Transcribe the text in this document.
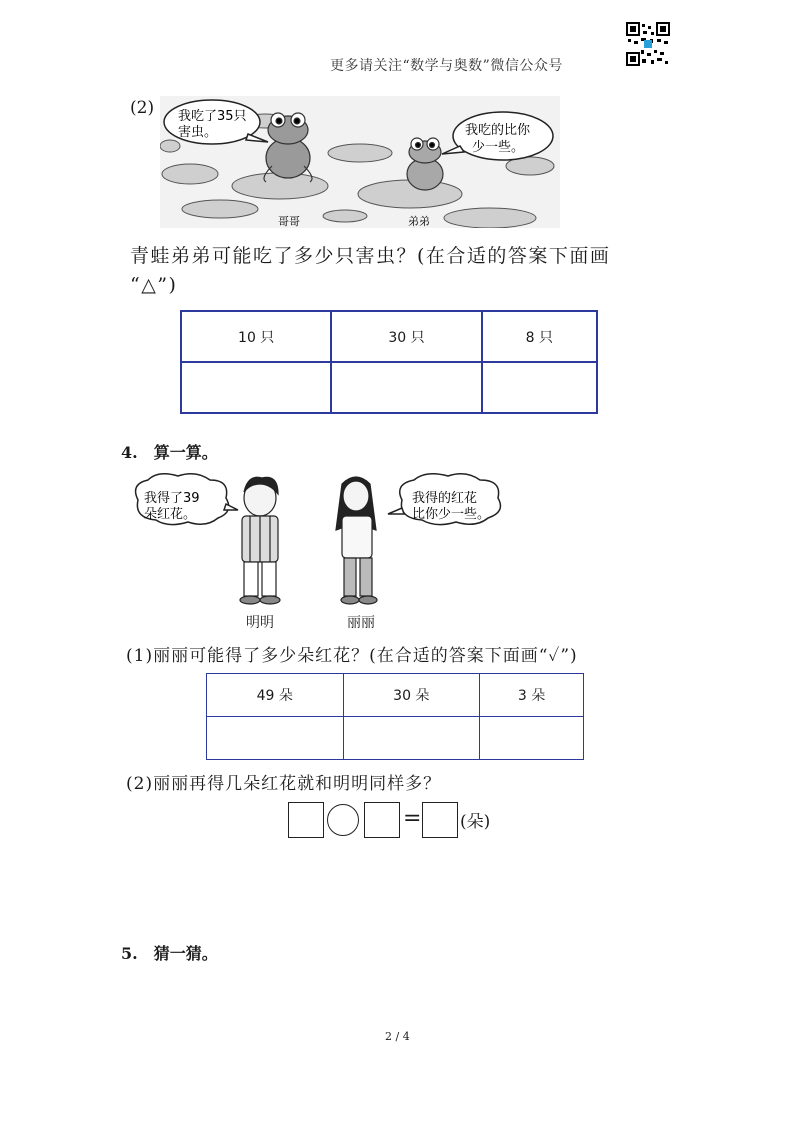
更多请关注“数学与奥数”微信公众号
(2) 我吃了35只
害虫。	我吃的比你
少一些。
哥哥	弟弟
青蛙弟弟可能吃了多少只害虫？(在合适的答案下面画
“△”)
10 只	30 只	8 只

4.　算一算。
我得了39
朵红花。
我得的红花
比你少一些。
明明	丽丽
(1)丽丽可能得了多少朵红花？(在合适的答案下面画“✓”)
49 朵	30 朵	3 朵

(2)丽丽再得几朵红花就和明明同样多？
= (朵)
5.　猜一猜。
2 / 4
